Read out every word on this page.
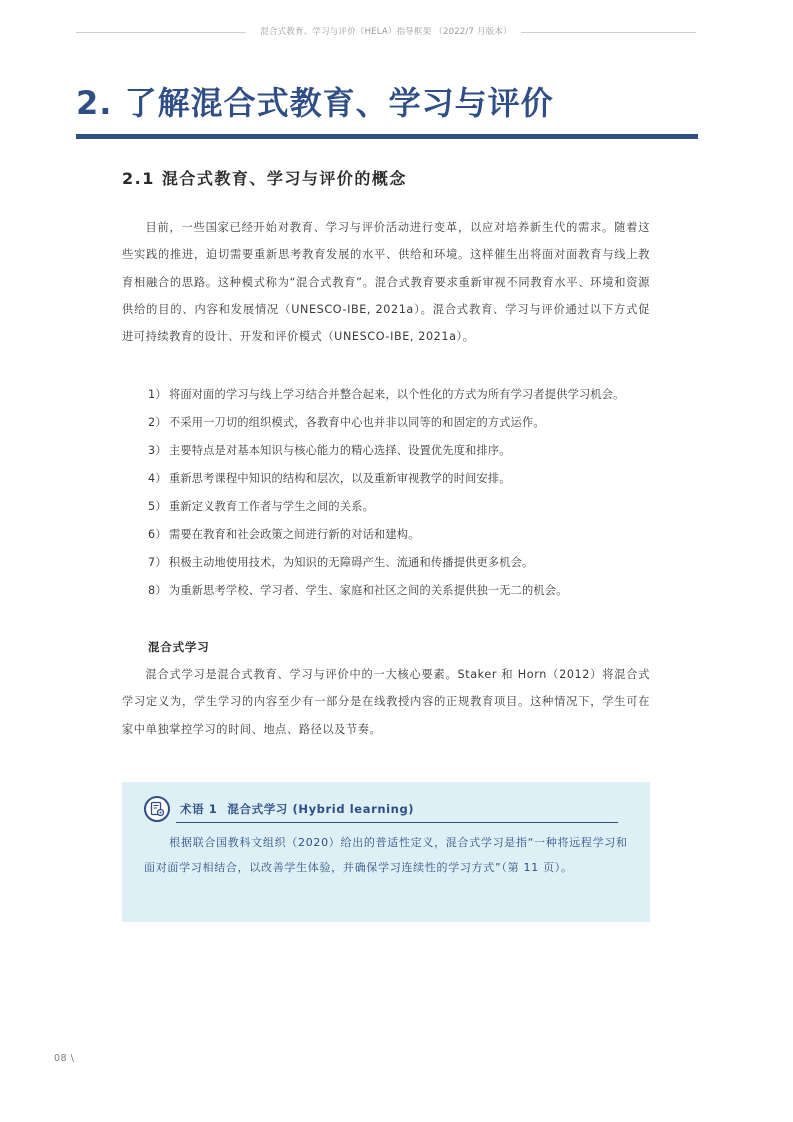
混合式教育、学习与评价（HELA）指导框架 （2022/7 月版本）
2. 了解混合式教育、学习与评价
2.1 混合式教育、学习与评价的概念

目前，一些国家已经开始对教育、学习与评价活动进行变革，以应对培养新生代的需求。随着这些实践的推进，迫切需要重新思考教育发展的水平、供给和环境。这样催生出将面对面教育与线上教育相融合的思路。这种模式称为“混合式教育”。混合式教育要求重新审视不同教育水平、环境和资源供给的目的、内容和发展情况（UNESCO-IBE, 2021a）。混合式教育、学习与评价通过以下方式促进可持续教育的设计、开发和评价模式（UNESCO-IBE, 2021a）。

1） 将面对面的学习与线上学习结合并整合起来，以个性化的方式为所有学习者提供学习机会。
2） 不采用一刀切的组织模式，各教育中心也并非以同等的和固定的方式运作。
3） 主要特点是对基本知识与核心能力的精心选择、设置优先度和排序。
4） 重新思考课程中知识的结构和层次，以及重新审视教学的时间安排。
5） 重新定义教育工作者与学生之间的关系。
6） 需要在教育和社会政策之间进行新的对话和建构。
7） 积极主动地使用技术，为知识的无障碍产生、流通和传播提供更多机会。
8） 为重新思考学校、学习者、学生、家庭和社区之间的关系提供独一无二的机会。
混合式学习

混合式学习是混合式教育、学习与评价中的一大核心要素。Staker 和 Horn（2012）将混合式学习定义为，学生学习的内容至少有一部分是在线教授内容的正规教育项目。这种情况下，学生可在家中单独掌控学习的时间、地点、路径以及节奏。

术语 1 混合式学习 (Hybrid learning)

根据联合国教科文组织（2020）给出的普适性定义，混合式学习是指“一种将远程学习和面对面学习相结合，以改善学生体验，并确保学习连续性的学习方式”（第 11 页）。

08 \
